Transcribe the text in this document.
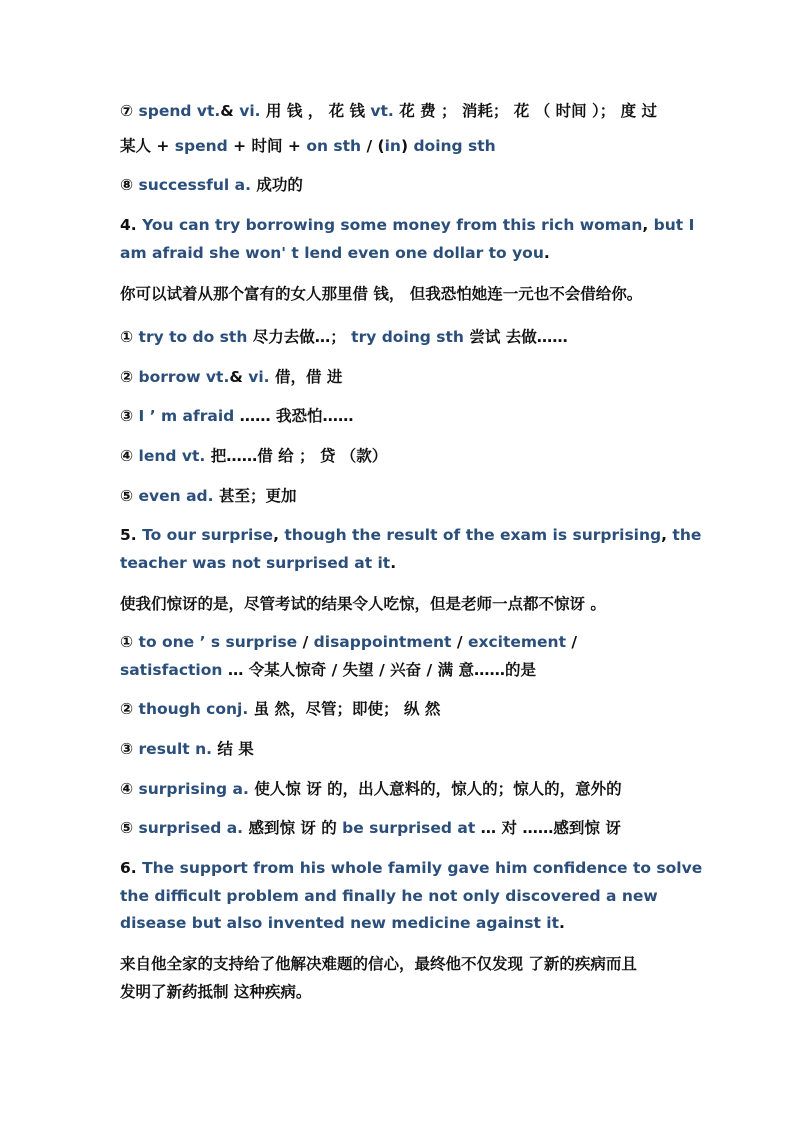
⑦ spend vt.& vi. 用 钱 ， 花 钱 vt. 花 费 ； 消耗； 花 （ 时间 ）； 度 过
某人 + spend + 时间 + on sth / (in) doing sth
⑧ successful a. 成功的
4. You can try borrowing some money from this rich woman, but I
am afraid she won' t lend even one dollar to you.
你可以试着从那个富有的女人那里借 钱， 但我恐怕她连一元也不会借给你。
① try to do sth 尽力去做…； try doing sth 尝试 去做……
② borrow vt.& vi. 借，借 进
③ I ’ m afraid …… 我恐怕……
④ lend vt. 把……借 给 ； 贷 （款）
⑤ even ad. 甚至；更加
5. To our surprise, though the result of the exam is surprising, the
teacher was not surprised at it.
使我们惊讶的是，尽管考试的结果令人吃惊，但是老师一点都不惊讶 。
① to one ’ s surprise / disappointment / excitement /
satisfaction … 令某人惊奇 / 失望 / 兴奋 / 满 意……的是
② though conj. 虽 然，尽管；即使； 纵 然
③ result n. 结 果
④ surprising a. 使人惊 讶 的，出人意料的，惊人的；惊人的，意外的
⑤ surprised a. 感到惊 讶 的 be surprised at … 对 ……感到惊 讶
6. The support from his whole family gave him confidence to solve
the difficult problem and finally he not only discovered a new
disease but also invented new medicine against it.
来自他全家的支持给了他解决难题的信心，最终他不仅发现 了新的疾病而且
发明了新药抵制 这种疾病。
